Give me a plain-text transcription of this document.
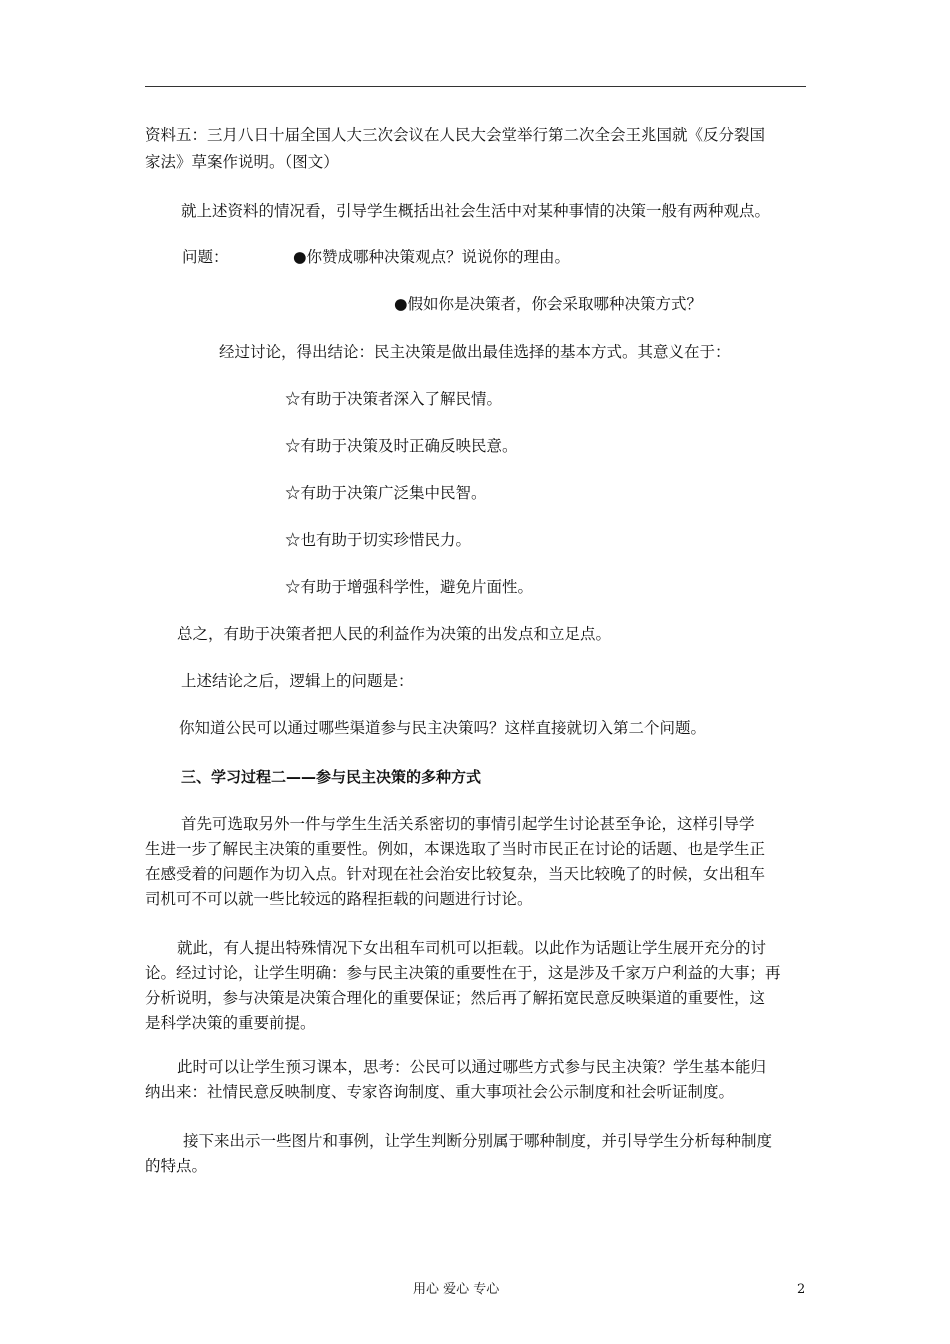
资料五：三月八日十届全国人大三次会议在人民大会堂举行第二次全会王兆国就《反分裂国
家法》草案作说明。（图文）
就上述资料的情况看，引导学生概括出社会生活中对某种事情的决策一般有两种观点。
问题：	●你赞成哪种决策观点？说说你的理由。
●假如你是决策者，你会采取哪种决策方式？
经过讨论，得出结论：民主决策是做出最佳选择的基本方式。其意义在于：
☆有助于决策者深入了解民情。
☆有助于决策及时正确反映民意。
☆有助于决策广泛集中民智。
☆也有助于切实珍惜民力。
☆有助于增强科学性，避免片面性。
总之，有助于决策者把人民的利益作为决策的出发点和立足点。
上述结论之后，逻辑上的问题是：
你知道公民可以通过哪些渠道参与民主决策吗？这样直接就切入第二个问题。
三、学习过程二——参与民主决策的多种方式
首先可选取另外一件与学生生活关系密切的事情引起学生讨论甚至争论，这样引导学
生进一步了解民主决策的重要性。例如，本课选取了当时市民正在讨论的话题、也是学生正
在感受着的问题作为切入点。针对现在社会治安比较复杂，当天比较晚了的时候，女出租车
司机可不可以就一些比较远的路程拒载的问题进行讨论。
就此，有人提出特殊情况下女出租车司机可以拒载。以此作为话题让学生展开充分的讨
论。经过讨论，让学生明确：参与民主决策的重要性在于，这是涉及千家万户利益的大事；再
分析说明，参与决策是决策合理化的重要保证；然后再了解拓宽民意反映渠道的重要性，这
是科学决策的重要前提。
此时可以让学生预习课本，思考：公民可以通过哪些方式参与民主决策？学生基本能归
纳出来：社情民意反映制度、专家咨询制度、重大事项社会公示制度和社会听证制度。
接下来出示一些图片和事例，让学生判断分别属于哪种制度，并引导学生分析每种制度
的特点。
用心 爱心 专心	2
